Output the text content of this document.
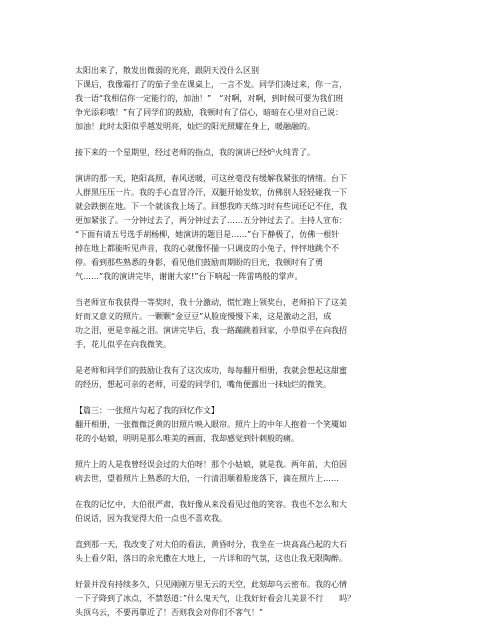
太阳出来了，散发出微弱的光亮，跟阴天没什么区别
下课后，我像霜打了的茄子坐在课桌上，一言不发。同学们凑过来，你一言，
我一语“我相信你一定能行的，加油！”　“对啊，对啊，到时候可要为我们班
争光添彩哦！”有了同学们的鼓励，我顿时有了信心，暗暗在心里对自己说：
加油！此时太阳似乎越发明亮，灿烂的阳光照耀在身上，暖融融的。
接下来的一个星期里，经过老师的指点，我的演讲已经炉火纯青了。
演讲的那一天，艳阳高照，春风送暖，可这丝毫没有缓解我紧张的情绪。台下
人群黑压压一片。我的手心直冒冷汗，双腿开始发软，仿佛别人轻轻碰我一下
就会跌倒在地。下一个就该我上场了。回想我昨天练习时有些词还记不住，我
更加紧张了。一分钟过去了，两分钟过去了……五分钟过去了。主持人宣布：
“下面有请五号选手胡杨柳，她演讲的题目是……”台下静极了，仿佛一根针
掉在地上都能听见声音，我的心就像怀揣一只调皮的小兔子，怦怦地跳个不
停。看到那些熟悉的身影，看见他们鼓励而期盼的目光，我顿时有了勇
气……”我的演讲完毕，谢谢大家!”台下响起一阵雷鸣般的掌声。
当老师宣布我获得一等奖时，我十分激动，慌忙跑上领奖台，老师拍下了这美
好而又意义的照片。一颗颗“金豆豆”从脸庞慢慢下来，这是激动之泪，成
功之泪，更是幸福之泪。演讲完毕后，我一路蹦跳着回家，小草似乎在向我招
手，花儿似乎在向我微笑。
是老师和同学们的鼓励让我有了这次成功，每每翻开相册，我就会想起这甜蜜
的经历，想起可亲的老师，可爱的同学们，嘴角便露出一抹灿烂的微笑。
【篇三：一张照片勾起了我的回忆作文】
翻开相册，一张微微泛黄的旧照片映入眼帘。照片上的中年人抱着一个笑魇如
花的小姑娘，明明是那么唯美的画面，我却感觉到针刺般的痛。
照片上的人是我曾经误会过的大伯呀！那个小姑娘，就是我。两年前，大伯因
病去世，望着照片上熟悉的大伯，一行清泪顺着脸庞落下，滴在照片上……
在我的记忆中，大伯很严肃，我好像从来没看见过他的笑容。我也不怎么和大
伯说话，因为我觉得大伯一点也不喜欢我。
直到那一天，我改变了对大伯的看法，黄昏时分，我坐在一块高高凸起的大石
头上看夕阳，落日的余光撒在大地上，一片详和的气氛，这也让我无限陶醉。
好景并没有持续多久，只见刚刚万里无云的天空，此刻却乌云密布。我的心情
一下子降到了冰点，不禁怒道：”什么鬼天气，让我好好看会儿美景不行　　吗？
头顶乌云，不要再靠近了！否则我会对你们不客气！”
